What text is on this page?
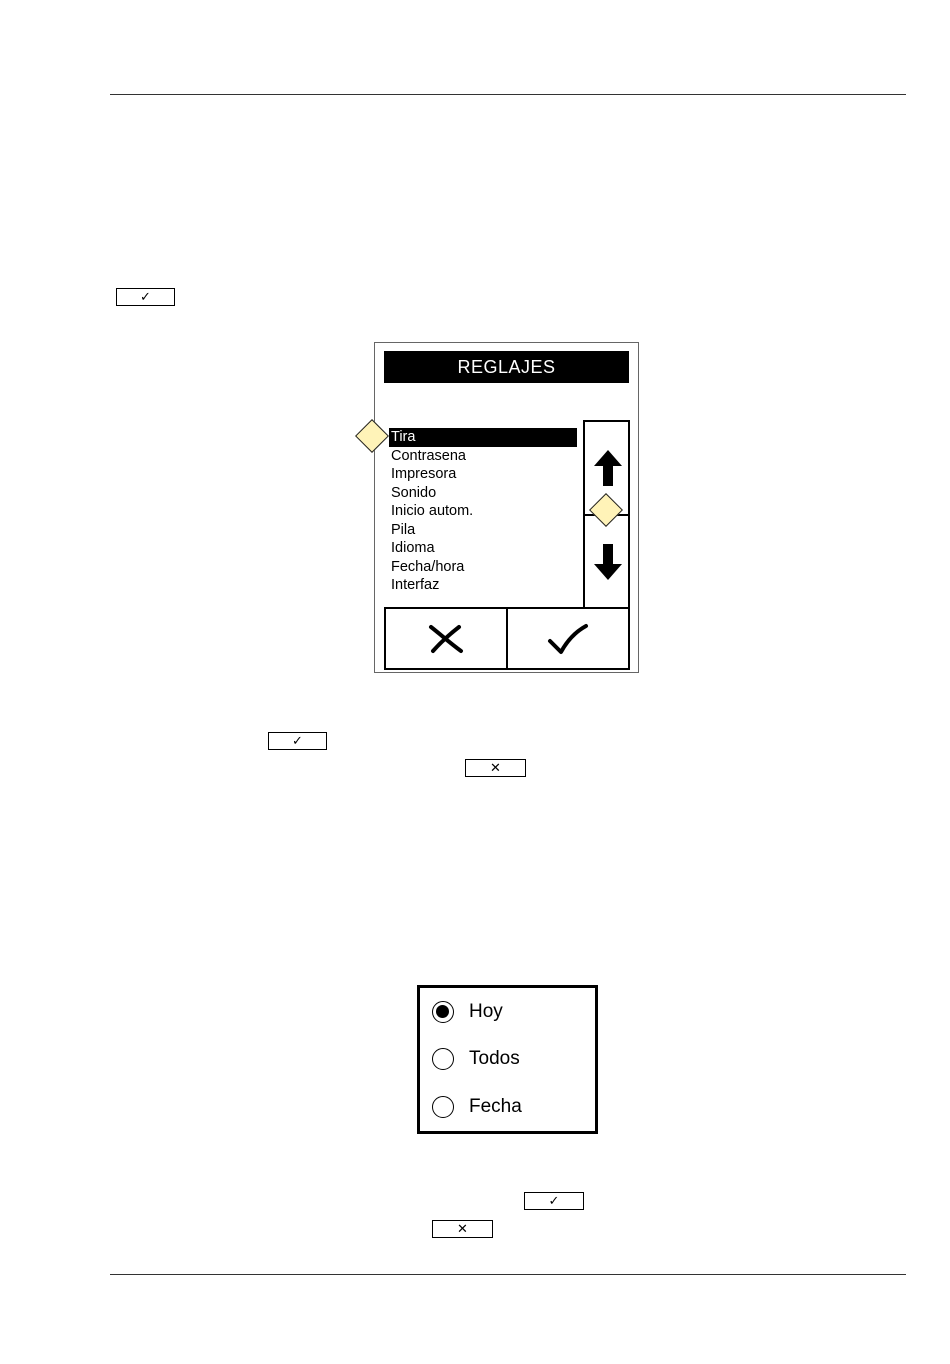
✓
REGLAJES
Tira
Contrasena
Impresora
Sonido
Inicio autom.
Pila
Idioma
Fecha/hora
Interfaz
✓
✕
Hoy
Todos
Fecha
✓
✕
